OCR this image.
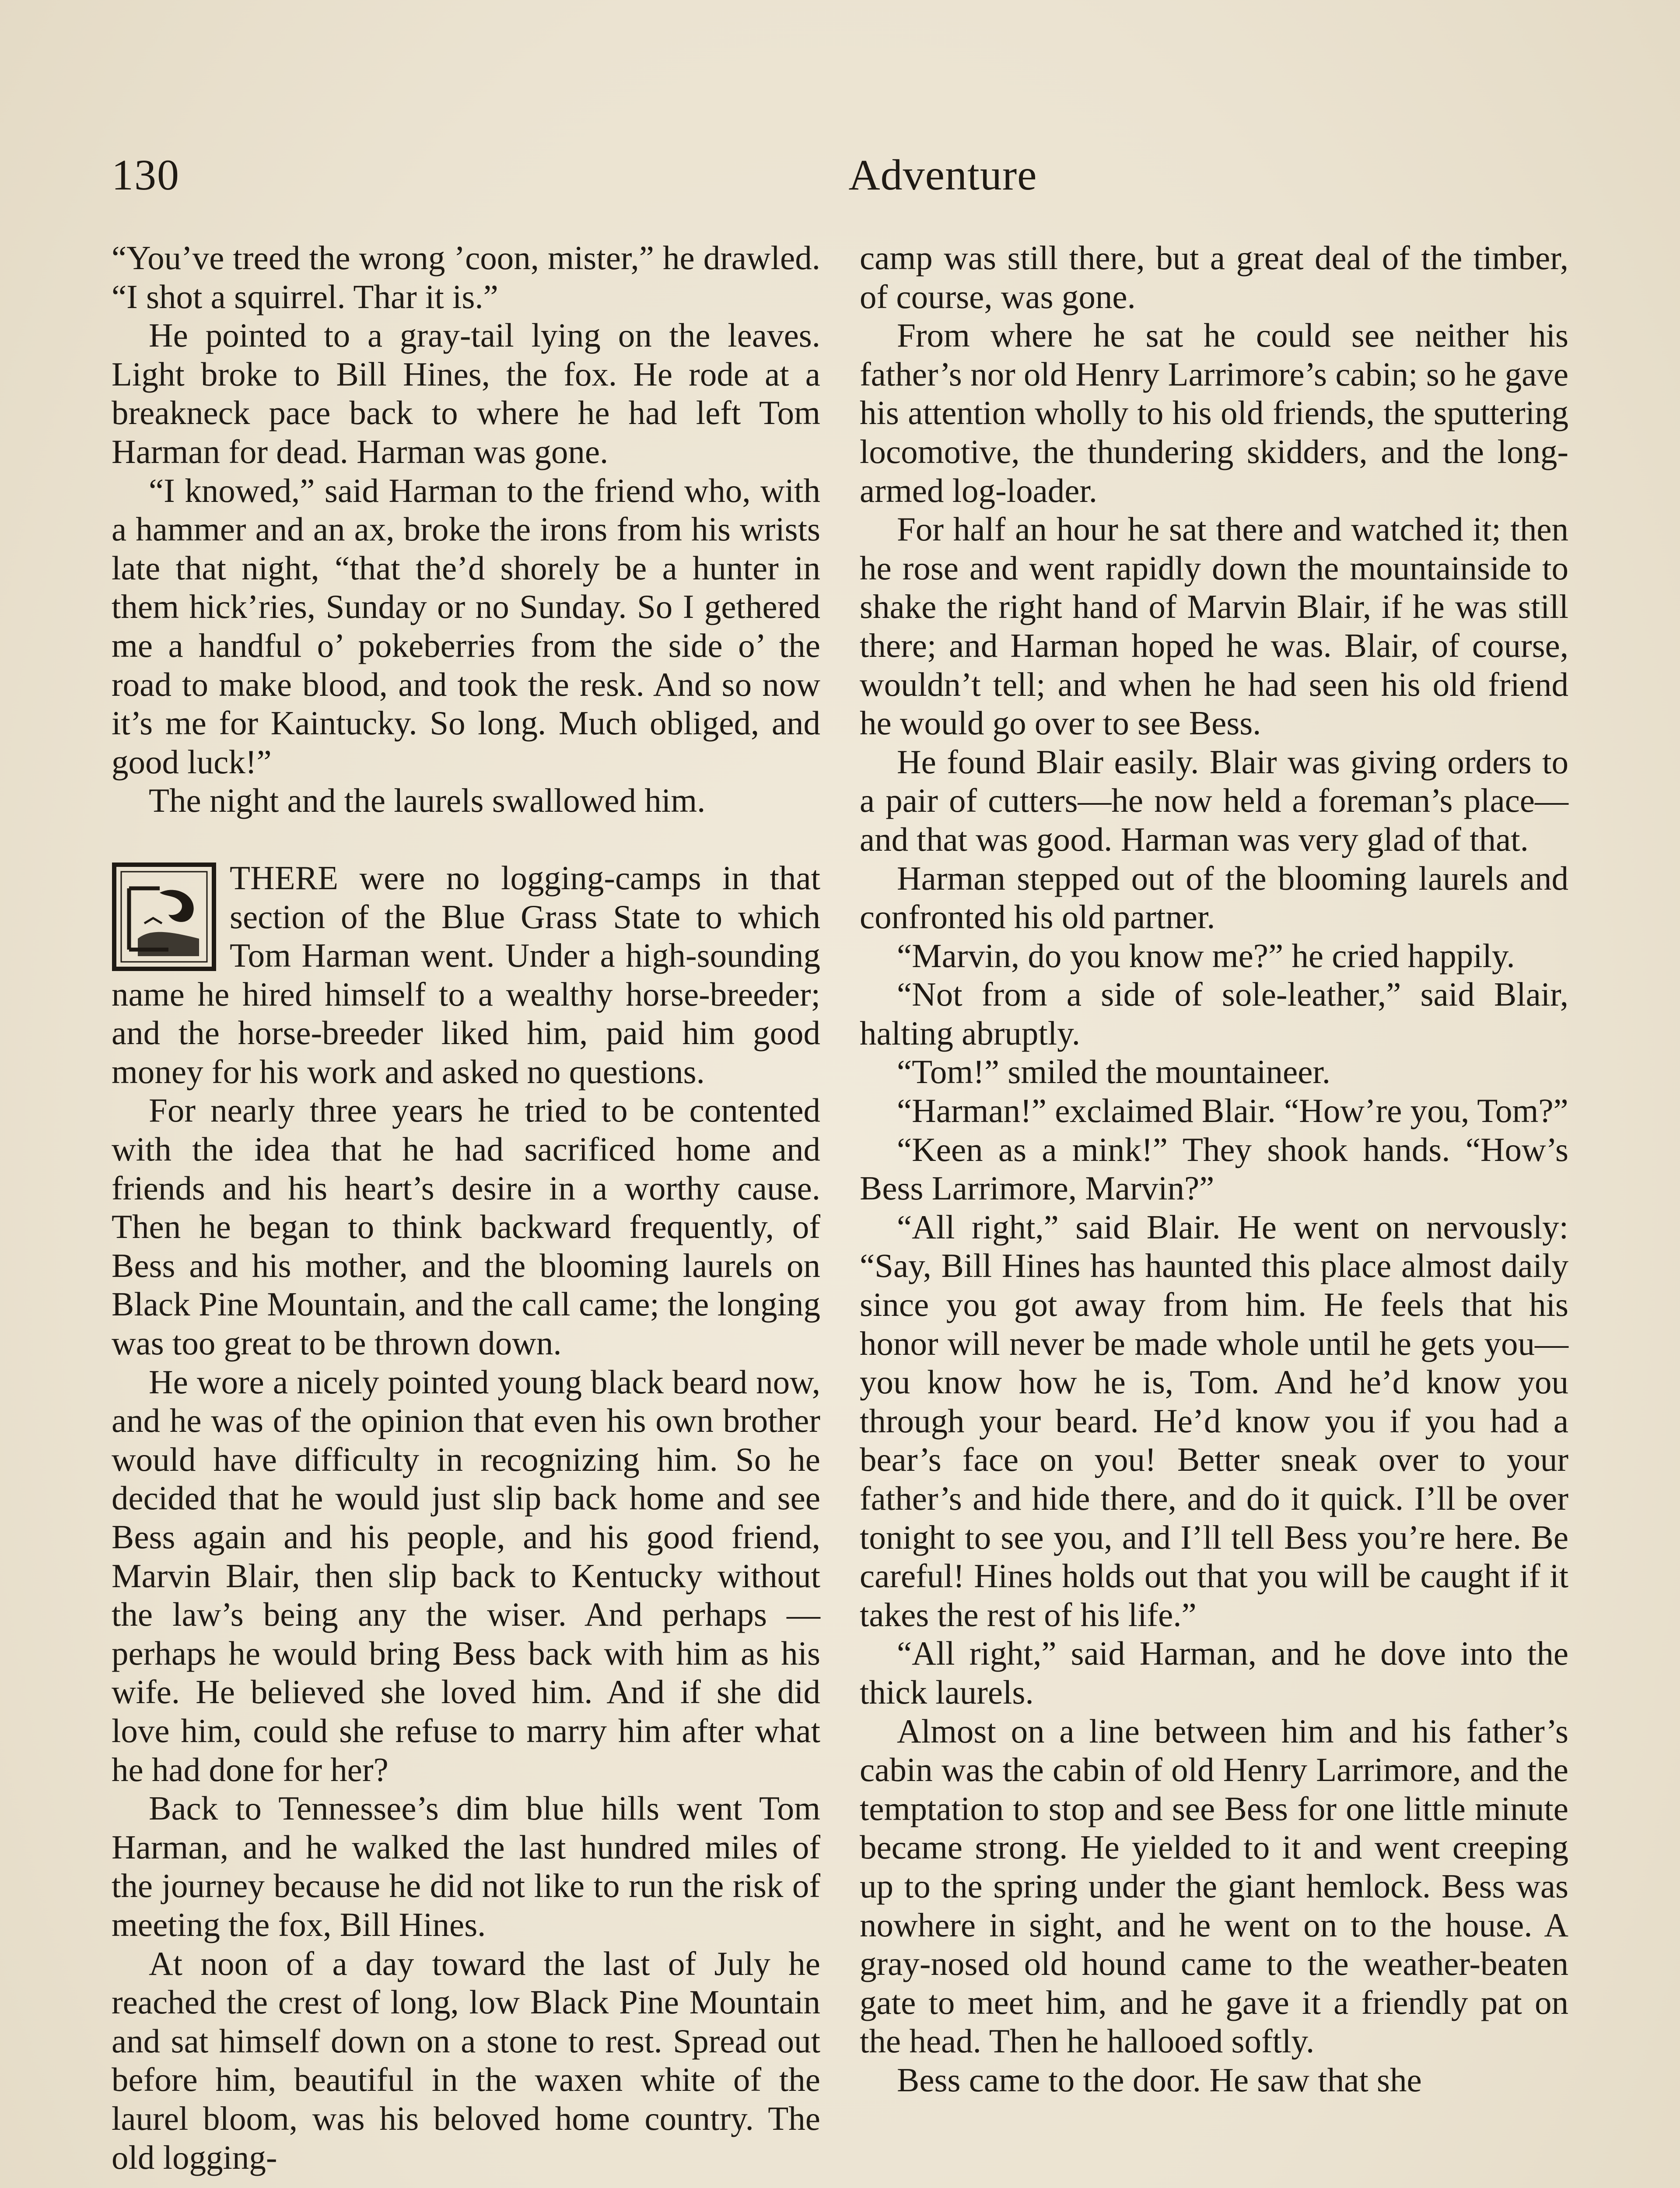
130	Adventure

“You’ve treed the wrong ’coon, mister,” he drawled. “I shot a squirrel. Thar it is.”

He pointed to a gray-tail lying on the leaves. Light broke to Bill Hines, the fox. He rode at a breakneck pace back to where he had left Tom Harman for dead. Harman was gone.

“I knowed,” said Harman to the friend who, with a hammer and an ax, broke the irons from his wrists late that night, “that the’d shorely be a hunter in them hick’ries, Sunday or no Sunday. So I gethered me a handful o’ pokeberries from the side o’ the road to make blood, and took the resk. And so now it’s me for Kaintucky. So long. Much obliged, and good luck!”

The night and the laurels swallowed him.

THERE were no logging-camps in that section of the Blue Grass State to which Tom Harman went. Under a high-sounding name he hired himself to a wealthy horse-breeder; and the horse-breeder liked him, paid him good money for his work and asked no questions.

For nearly three years he tried to be contented with the idea that he had sacrificed home and friends and his heart’s desire in a worthy cause. Then he began to think backward frequently, of Bess and his mother, and the blooming laurels on Black Pine Mountain, and the call came; the longing was too great to be thrown down.

He wore a nicely pointed young black beard now, and he was of the opinion that even his own brother would have difficulty in recognizing him. So he decided that he would just slip back home and see Bess again and his people, and his good friend, Marvin Blair, then slip back to Kentucky without the law’s being any the wiser. And perhaps —perhaps he would bring Bess back with him as his wife. He believed she loved him. And if she did love him, could she refuse to marry him after what he had done for her?

Back to Tennessee’s dim blue hills went Tom Harman, and he walked the last hundred miles of the journey because he did not like to run the risk of meeting the fox, Bill Hines.

At noon of a day toward the last of July he reached the crest of long, low Black Pine Mountain and sat himself down on a stone to rest. Spread out before him, beautiful in the waxen white of the laurel bloom, was his beloved home country. The old logging-

camp was still there, but a great deal of the timber, of course, was gone.

From where he sat he could see neither his father’s nor old Henry Larrimore’s cabin; so he gave his attention wholly to his old friends, the sputtering locomotive, the thundering skidders, and the long-armed log-loader.

For half an hour he sat there and watched it; then he rose and went rapidly down the mountainside to shake the right hand of Marvin Blair, if he was still there; and Harman hoped he was. Blair, of course, wouldn’t tell; and when he had seen his old friend he would go over to see Bess.

He found Blair easily. Blair was giving orders to a pair of cutters—he now held a foreman’s place—and that was good. Harman was very glad of that.

Harman stepped out of the blooming laurels and confronted his old partner.

“Marvin, do you know me?” he cried happily.

“Not from a side of sole-leather,” said Blair, halting abruptly.

“Tom!” smiled the mountaineer.

“Harman!” exclaimed Blair. “How’re you, Tom?”

“Keen as a mink!” They shook hands. “How’s Bess Larrimore, Marvin?”

“All right,” said Blair. He went on nervously: “Say, Bill Hines has haunted this place almost daily since you got away from him. He feels that his honor will never be made whole until he gets you—you know how he is, Tom. And he’d know you through your beard. He’d know you if you had a bear’s face on you! Better sneak over to your father’s and hide there, and do it quick. I’ll be over tonight to see you, and I’ll tell Bess you’re here. Be careful! Hines holds out that you will be caught if it takes the rest of his life.”

“All right,” said Harman, and he dove into the thick laurels.

Almost on a line between him and his father’s cabin was the cabin of old Henry Larrimore, and the temptation to stop and see Bess for one little minute became strong. He yielded to it and went creeping up to the spring under the giant hemlock. Bess was nowhere in sight, and he went on to the house. A gray-nosed old hound came to the weather-beaten gate to meet him, and he gave it a friendly pat on the head. Then he hallooed softly.

Bess came to the door. He saw that she
